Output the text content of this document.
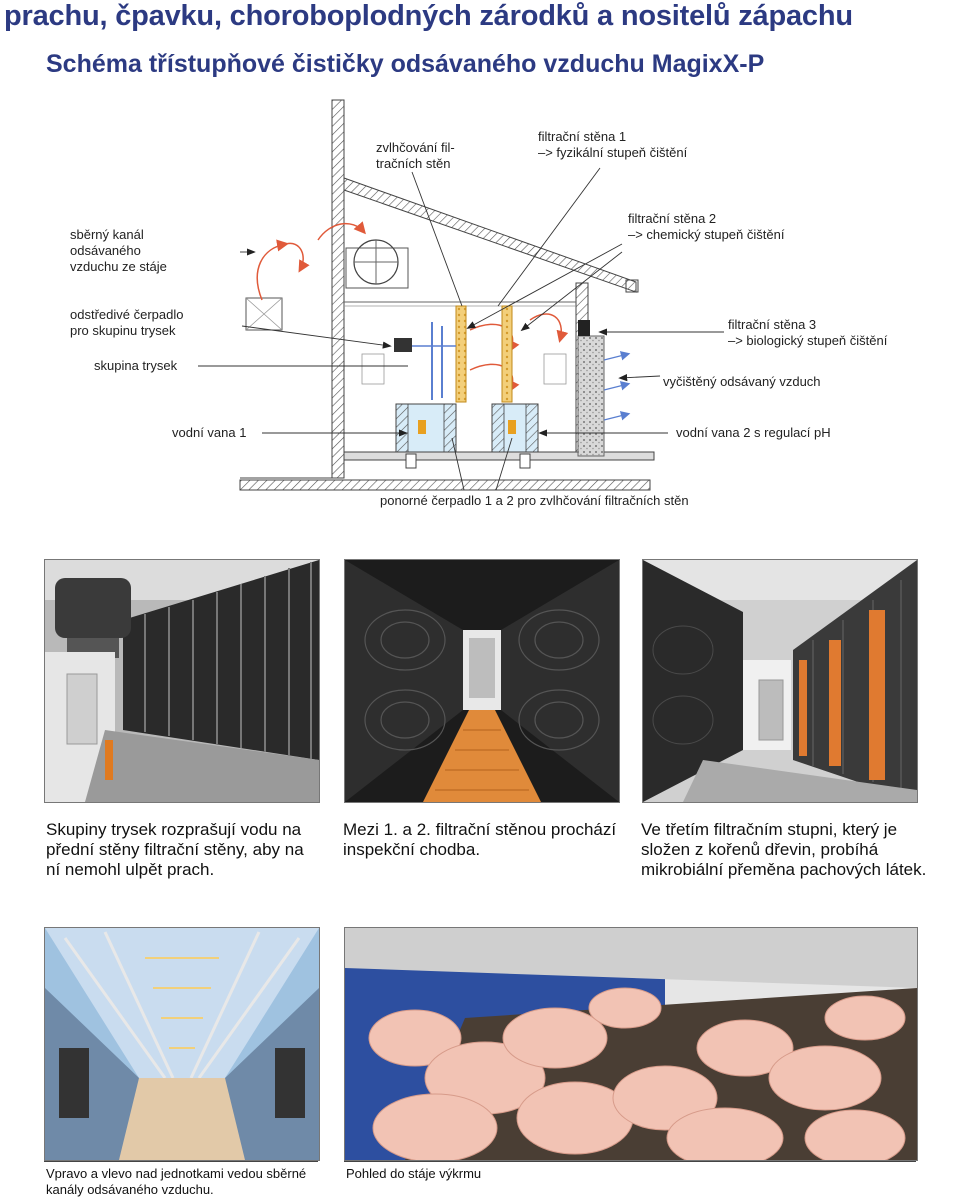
prachu, čpavku, choroboplodných zárodků a nositelů zápachu
Schéma třístupňové čističky odsávaného vzduchu MagixX-P

zvlhčování fil-
tračních stěn

filtrační stěna 1
–> fyzikální stupeň čištění

sběrný kanál
odsávaného
vzduchu ze stáje

filtrační stěna 2
–> chemický stupeň čištění

odstředivé čerpadlo
pro skupinu trysek	filtrační stěna 3
–> biologický stupeň čištění

skupina trysek

vyčištěný odsávaný vzduch

vodní vana 1	vodní vana 2 s regulací pH

ponorné čerpadlo 1 a 2 pro zvlhčování filtračních stěn

Skupiny trysek rozprašují vodu na
přední stěny filtrační stěny, aby na
ní nemohl ulpět prach.

Mezi 1. a 2. filtrační stěnou prochází
inspekční chodba.

Ve třetím filtračním stupni, který je
složen z kořenů dřevin, probíhá
mikrobiální přeměna pachových látek.

Vpravo a vlevo nad jednotkami vedou sběrné
kanály odsávaného vzduchu.

Pohled do stáje výkrmu
